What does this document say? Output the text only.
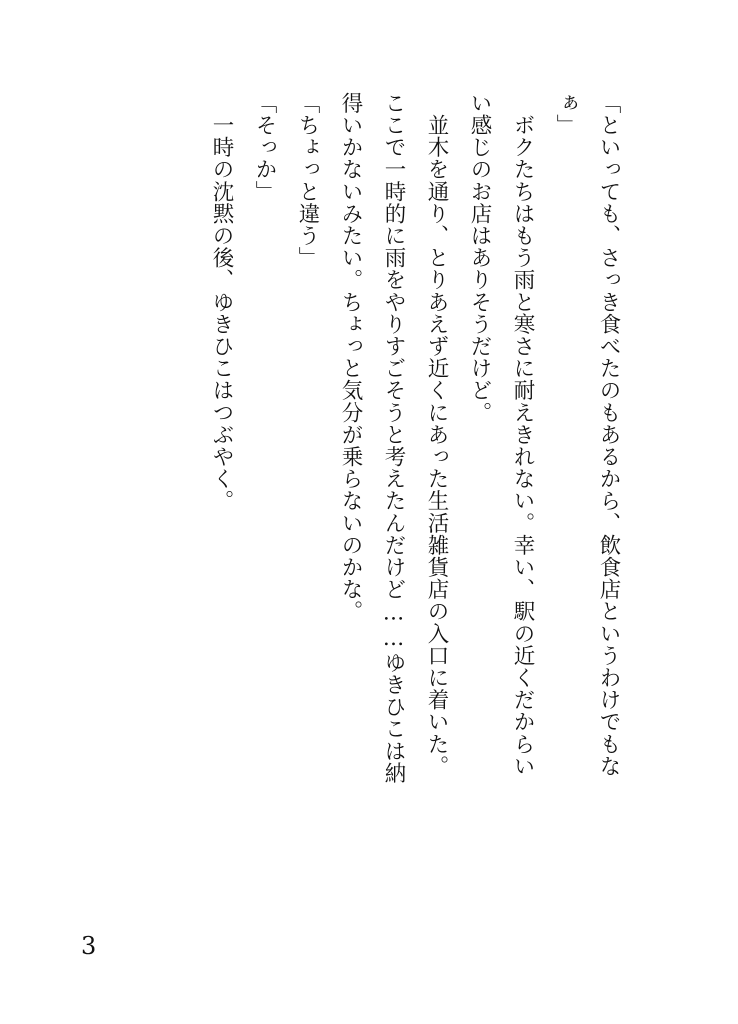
「といっても、さっき食べたのもあるから、飲食店というわけでもな
ぁ」
　ボクたちはもう雨と寒さに耐えきれない。幸い、駅の近くだからい
い感じのお店はありそうだけど。
　並木を通り、とりあえず近くにあった生活雑貨店の入口に着いた。
ここで一時的に雨をやりすごそうと考えたんだけど……ゆきひこは納
得いかないみたい。ちょっと気分が乗らないのかな。
「ちょっと違う」
「そっか」
　一時の沈黙の後、ゆきひこはつぶやく。
3
